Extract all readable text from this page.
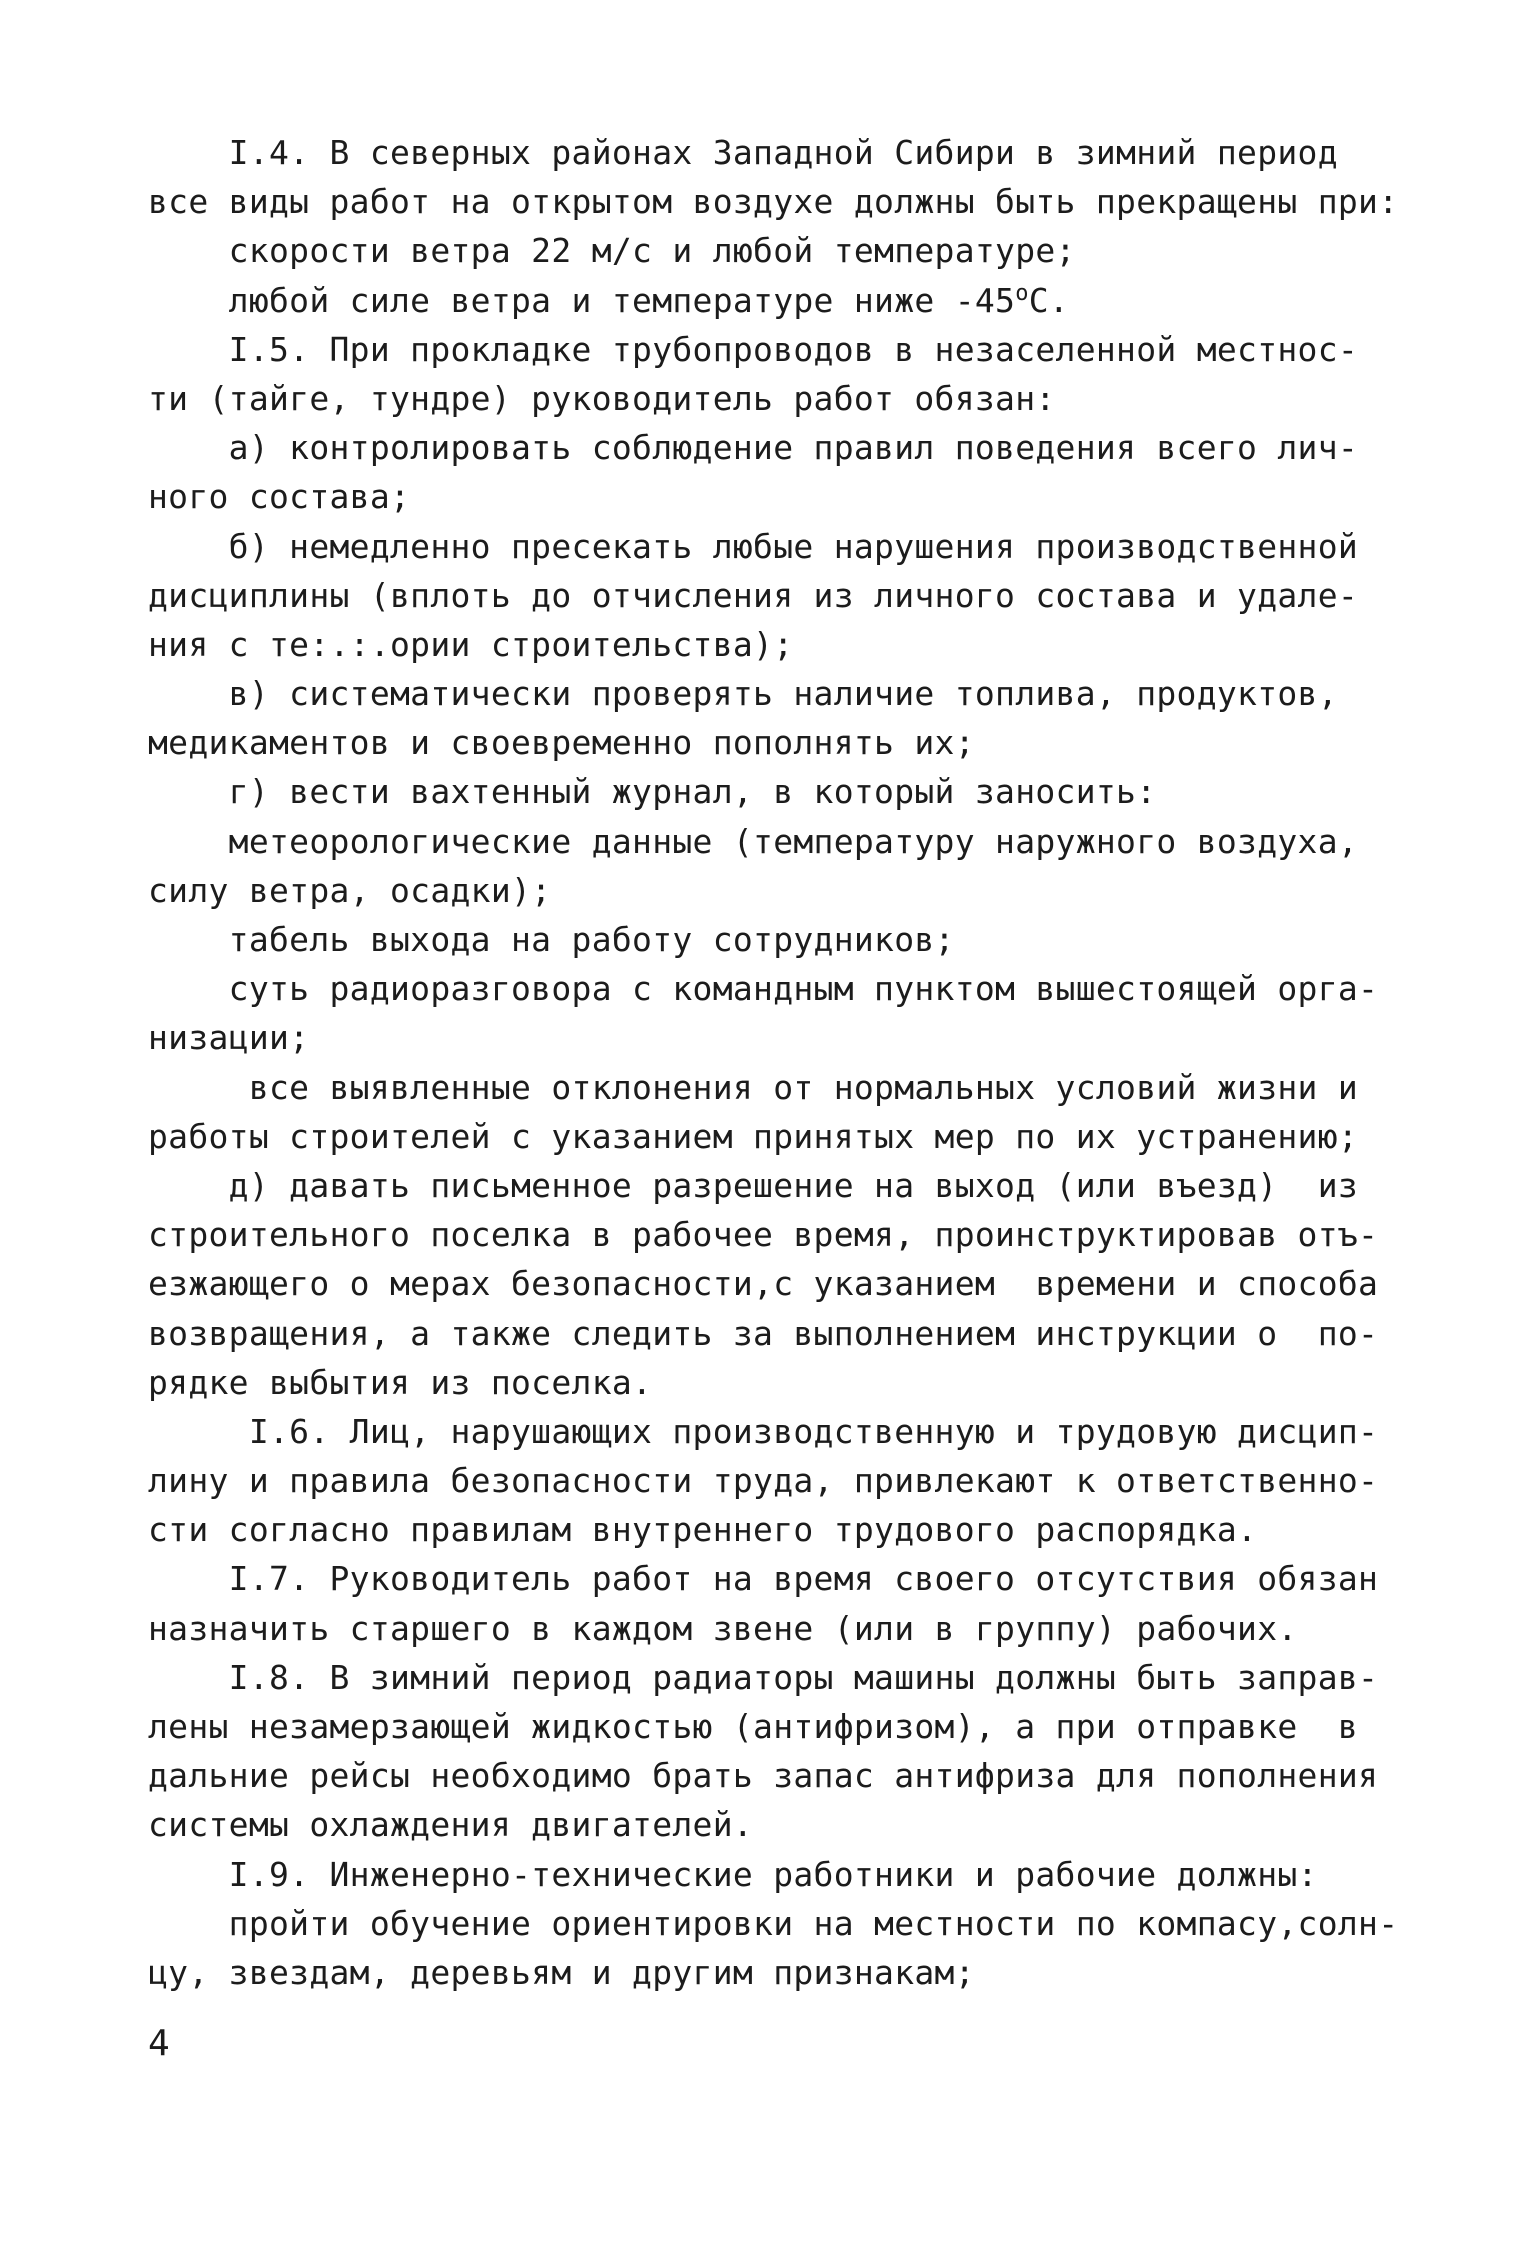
I.4. В северных районах Западной Сибири в зимний период
все виды работ на открытом воздухе должны быть прекращены при:
скорости ветра 22 м/с и любой температуре;
любой силе ветра и температуре ниже $-45^оС$.
I.5. При прокладке трубопроводов в незаселенной местнос-
ти (тайге, тундре) руководитель работ обязан:
а) контролировать соблюдение правил поведения всего лич-
ного состава;
б) немедленно пресекать любые нарушения производственной
дисциплины (вплоть до отчисления из личного состава и удале-
ния с те:.:.ории строительства);
в) систематически проверять наличие топлива, продуктов,
медикаментов и своевременно пополнять их;
г) вести вахтенный журнал, в который заносить:
метеорологические данные (температуру наружного воздуха,
силу ветра, осадки);
табель выхода на работу сотрудников;
суть радиоразговора с командным пунктом вышестоящей орга-
низации;
все выявленные отклонения от нормальных условий жизни и
работы строителей с указанием принятых мер по их устранению;
д) давать письменное разрешение на выход (или въезд)  из
строительного поселка в рабочее время, проинструктировав отъ-
езжающего о мерах безопасности,с указанием  времени и способа
возвращения, а также следить за выполнением инструкции о  по-
рядке выбытия из поселка.
I.6. Лиц, нарушающих производственную и трудовую дисцип-
лину и правила безопасности труда, привлекают к ответственно-
сти согласно правилам внутреннего трудового распорядка.
I.7. Руководитель работ на время своего отсутствия обязан
назначить старшего в каждом звене (или в группу) рабочих.
I.8. В зимний период радиаторы машины должны быть заправ-
лены незамерзающей жидкостью (антифризом), а при отправке  в
дальние рейсы необходимо брать запас антифриза для пополнения
системы охлаждения двигателей.
I.9. Инженерно-технические работники и рабочие должны:
пройти обучение ориентировки на местности по компасу,солн-
цу, звездам, деревьям и другим признакам;
4
